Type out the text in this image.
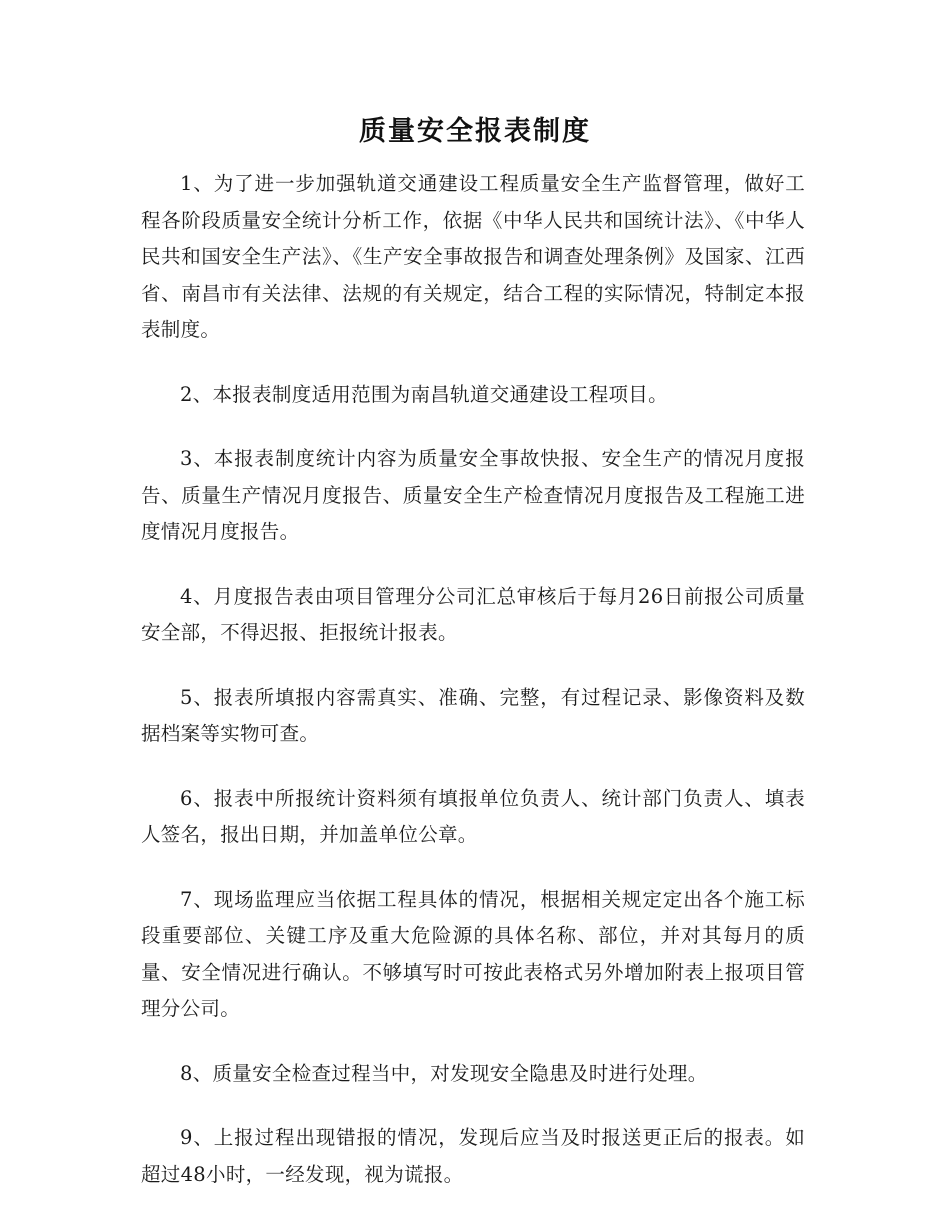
质量安全报表制度

1、为了进一步加强轨道交通建设工程质量安全生产监督管理，做好工程各阶段质量安全统计分析工作，依据《中华人民共和国统计法》、《中华人民共和国安全生产法》、《生产安全事故报告和调查处理条例》及国家、江西省、南昌市有关法律、法规的有关规定，结合工程的实际情况，特制定本报表制度。

2、本报表制度适用范围为南昌轨道交通建设工程项目。

3、本报表制度统计内容为质量安全事故快报、安全生产的情况月度报告、质量生产情况月度报告、质量安全生产检查情况月度报告及工程施工进度情况月度报告。

4、月度报告表由项目管理分公司汇总审核后于每月26日前报公司质量安全部，不得迟报、拒报统计报表。

5、报表所填报内容需真实、准确、完整，有过程记录、影像资料及数据档案等实物可查。

6、报表中所报统计资料须有填报单位负责人、统计部门负责人、填表人签名，报出日期，并加盖单位公章。

7、现场监理应当依据工程具体的情况，根据相关规定定出各个施工标段重要部位、关键工序及重大危险源的具体名称、部位，并对其每月的质量、安全情况进行确认。不够填写时可按此表格式另外增加附表上报项目管理分公司。

8、质量安全检查过程当中，对发现安全隐患及时进行处理。

9、上报过程出现错报的情况，发现后应当及时报送更正后的报表。如超过48小时，一经发现，视为谎报。
